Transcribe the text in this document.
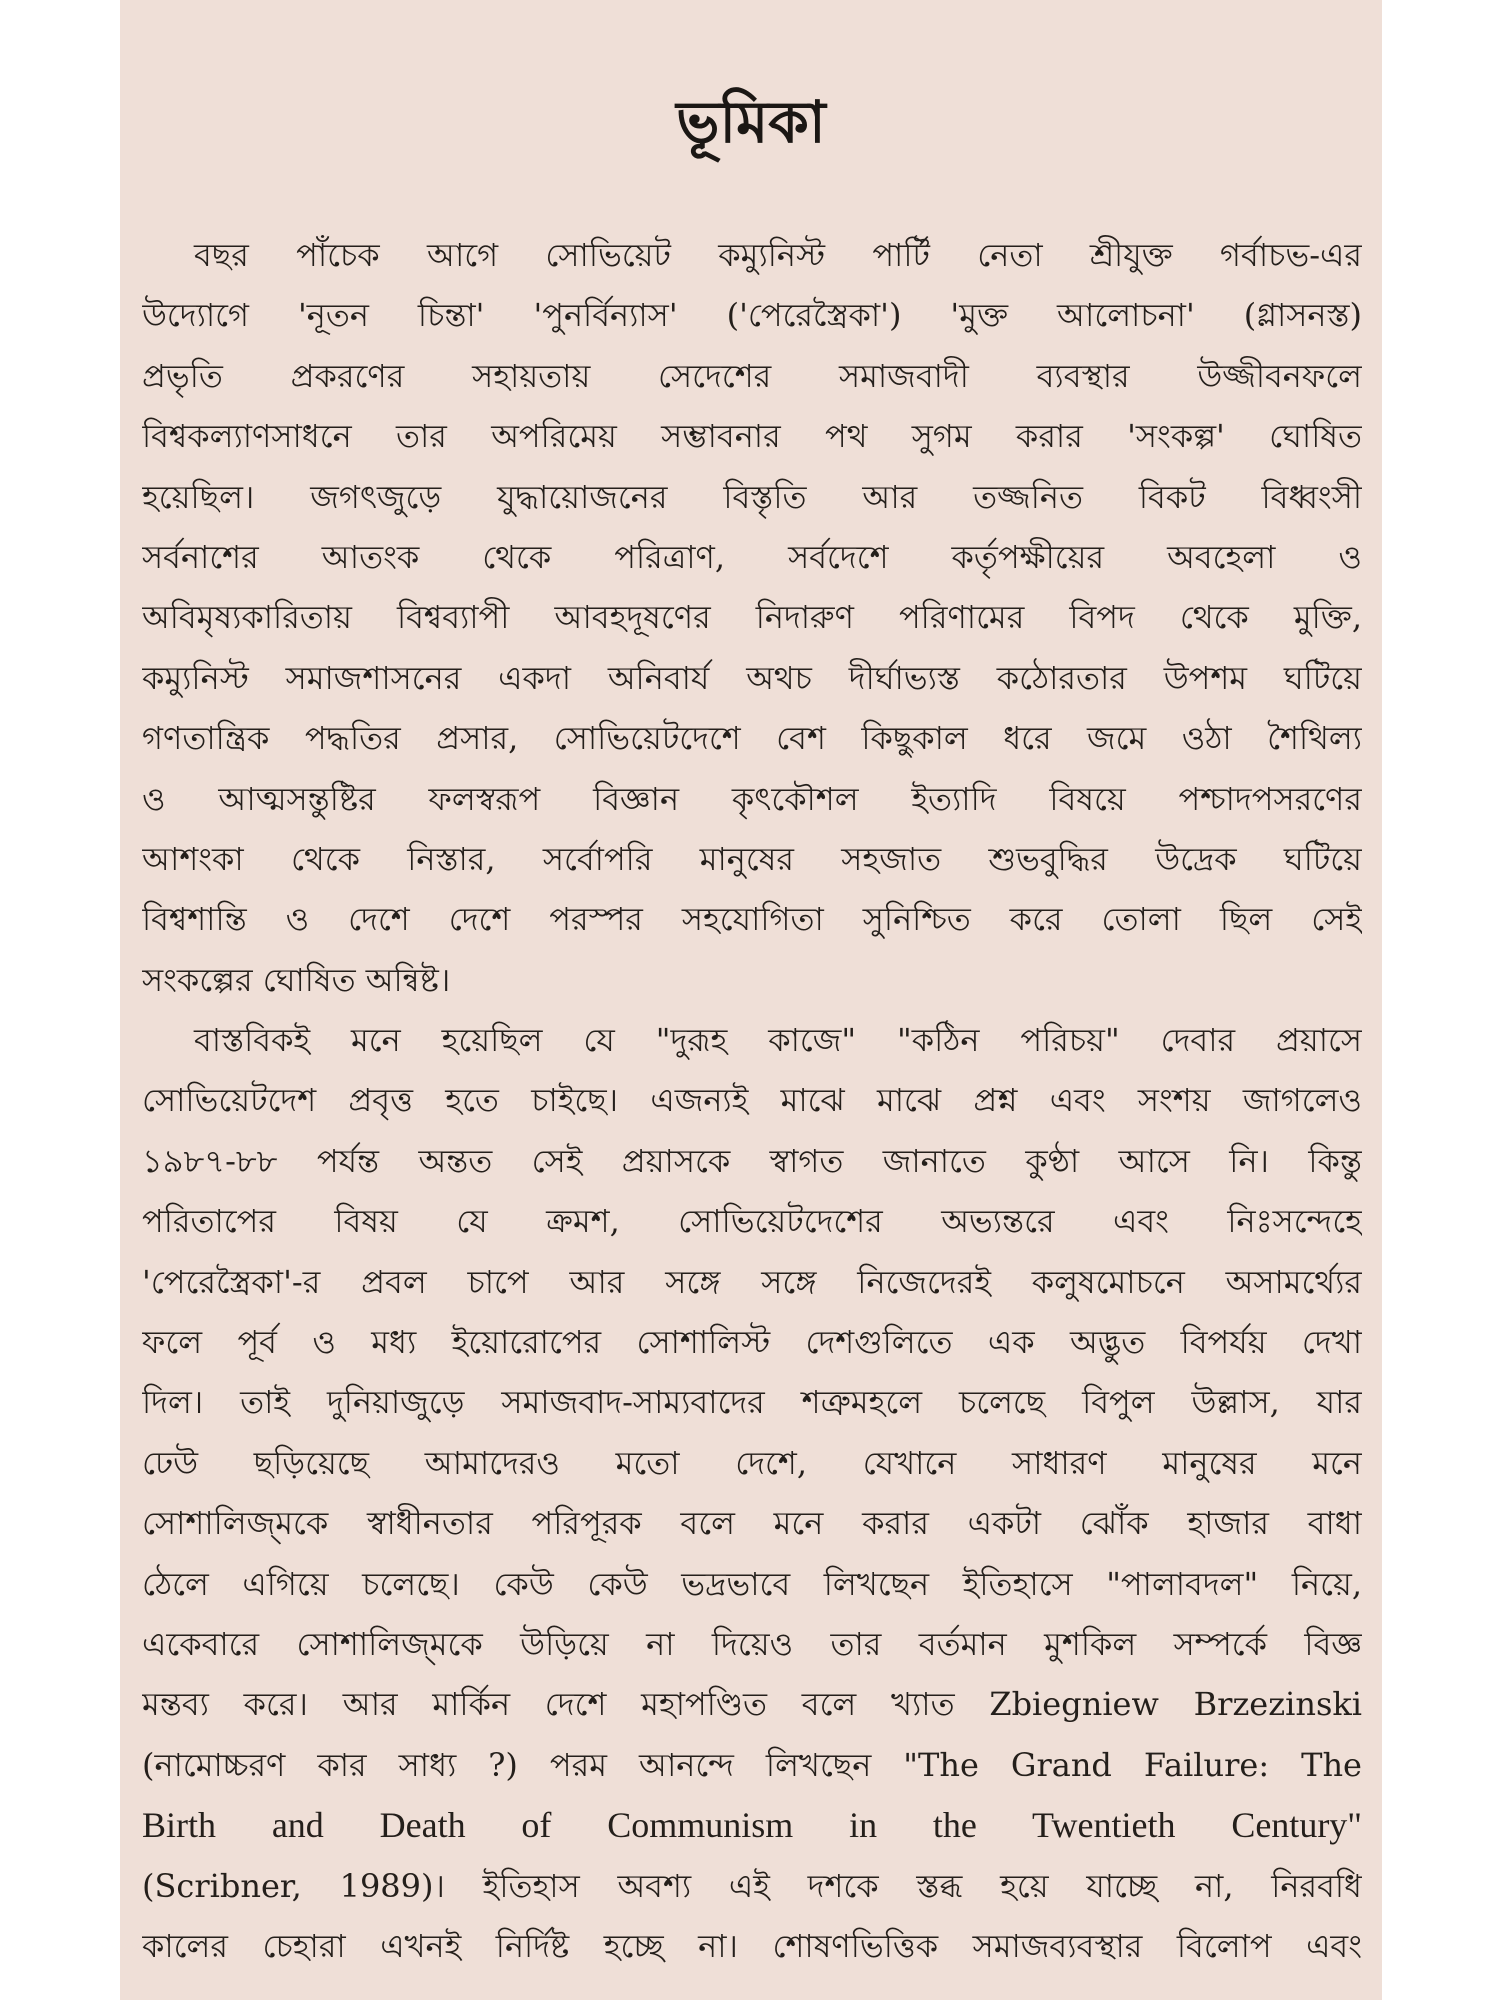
ভূমিকা
বছর পাঁচেক আগে সোভিয়েট কম্যুনিস্ট পার্টি নেতা শ্রীযুক্ত গর্বাচভ-এর
উদ্যোগে 'নূতন চিন্তা' 'পুনর্বিন্যাস' ('পেরেস্ত্রৈকা') 'মুক্ত আলোচনা' (গ্লাসনস্ত)
প্রভৃতি প্রকরণের সহায়তায় সেদেশের সমাজবাদী ব্যবস্থার উজ্জীবনফলে
বিশ্বকল্যাণসাধনে তার অপরিমেয় সম্ভাবনার পথ সুগম করার 'সংকল্প' ঘোষিত
হয়েছিল। জগৎজুড়ে যুদ্ধায়োজনের বিস্তৃতি আর তজ্জনিত বিকট বিধ্বংসী
সর্বনাশের আতংক থেকে পরিত্রাণ, সর্বদেশে কর্তৃপক্ষীয়ের অবহেলা ও
অবিমৃষ্যকারিতায় বিশ্বব্যাপী আবহদূষণের নিদারুণ পরিণামের বিপদ থেকে মুক্তি,
কম্যুনিস্ট সমাজশাসনের একদা অনিবার্য অথচ দীর্ঘাভ্যস্ত কঠোরতার উপশম ঘটিয়ে
গণতান্ত্রিক পদ্ধতির প্রসার, সোভিয়েটদেশে বেশ কিছুকাল ধরে জমে ওঠা শৈথিল্য
ও আত্মসন্তুষ্টির ফলস্বরূপ বিজ্ঞান কৃৎকৌশল ইত্যাদি বিষয়ে পশ্চাদপসরণের
আশংকা থেকে নিস্তার, সর্বোপরি মানুষের সহজাত শুভবুদ্ধির উদ্রেক ঘটিয়ে
বিশ্বশান্তি ও দেশে দেশে পরস্পর সহযোগিতা সুনিশ্চিত করে তোলা ছিল সেই
সংকল্পের ঘোষিত অন্বিষ্ট।
বাস্তবিকই মনে হয়েছিল যে "দুরূহ কাজে" "কঠিন পরিচয়" দেবার প্রয়াসে
সোভিয়েটদেশ প্রবৃত্ত হতে চাইছে। এজন্যই মাঝে মাঝে প্রশ্ন এবং সংশয় জাগলেও
১৯৮৭-৮৮ পর্যন্ত অন্তত সেই প্রয়াসকে স্বাগত জানাতে কুণ্ঠা আসে নি। কিন্তু
পরিতাপের বিষয় যে ক্রমশ, সোভিয়েটদেশের অভ্যন্তরে এবং নিঃসন্দেহে
'পেরেস্ত্রৈকা'-র প্রবল চাপে আর সঙ্গে সঙ্গে নিজেদেরই কলুষমোচনে অসামর্থ্যের
ফলে পূর্ব ও মধ্য ইয়োরোপের সোশালিস্ট দেশগুলিতে এক অদ্ভুত বিপর্যয় দেখা
দিল। তাই দুনিয়াজুড়ে সমাজবাদ-সাম্যবাদের শত্রুমহলে চলেছে বিপুল উল্লাস, যার
ঢেউ ছড়িয়েছে আমাদেরও মতো দেশে, যেখানে সাধারণ মানুষের মনে
সোশালিজ্‌মকে স্বাধীনতার পরিপূরক বলে মনে করার একটা ঝোঁক হাজার বাধা
ঠেলে এগিয়ে চলেছে। কেউ কেউ ভদ্রভাবে লিখছেন ইতিহাসে "পালাবদল" নিয়ে,
একেবারে সোশালিজ্‌মকে উড়িয়ে না দিয়েও তার বর্তমান মুশকিল সম্পর্কে বিজ্ঞ
মন্তব্য করে। আর মার্কিন দেশে মহাপণ্ডিত বলে খ্যাত Zbiegniew Brzezinski
(নামোচ্চরণ কার সাধ্য ?) পরম আনন্দে লিখছেন "The Grand Failure: The
Birth and Death of Communism in the Twentieth Century"
(Scribner, 1989)। ইতিহাস অবশ্য এই দশকে স্তব্ধ হয়ে যাচ্ছে না, নিরবধি
কালের চেহারা এখনই নির্দিষ্ট হচ্ছে না। শোষণভিত্তিক সমাজব্যবস্থার বিলোপ এবং
